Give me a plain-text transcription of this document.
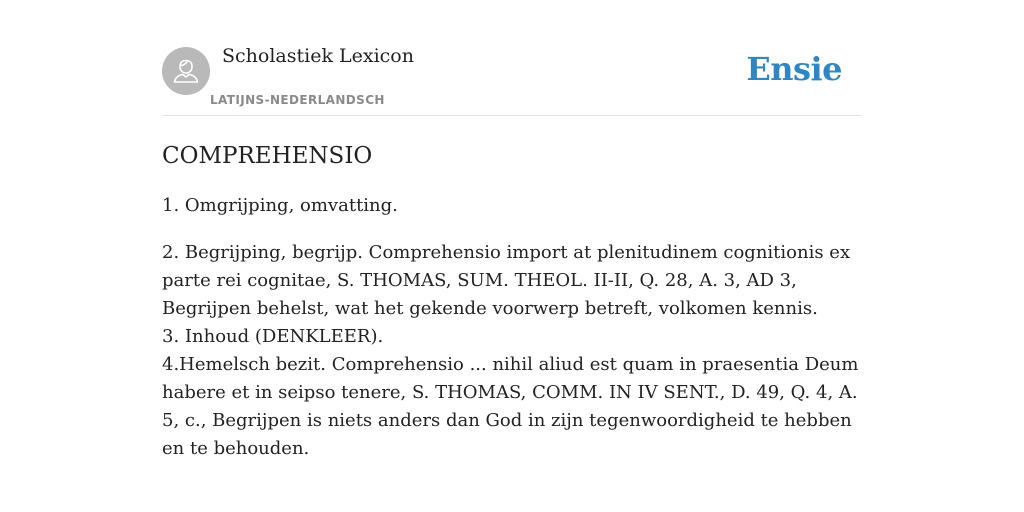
Scholastiek Lexicon
LATIJNS-NEDERLANDSCH
Ensie
COMPREHENSIO

1. Omgrijping, omvatting.

2. Begrijping, begrijp. Comprehensio import at plenitudinem cognitionis ex parte rei cognitae, S. THOMAS, SUM. THEOL. II-II, Q. 28, A. 3, AD 3, Begrijpen behelst, wat het gekende voorwerp betreft, volkomen kennis.
3. Inhoud (DENKLEER).
4.Hemelsch bezit. Comprehensio ... nihil aliud est quam in praesentia Deum habere et in seipso tenere, S. THOMAS, COMM. IN IV SENT., D. 49, Q. 4, A. 5, c., Begrijpen is niets anders dan God in zijn tegenwoordigheid te hebben en te behouden.
